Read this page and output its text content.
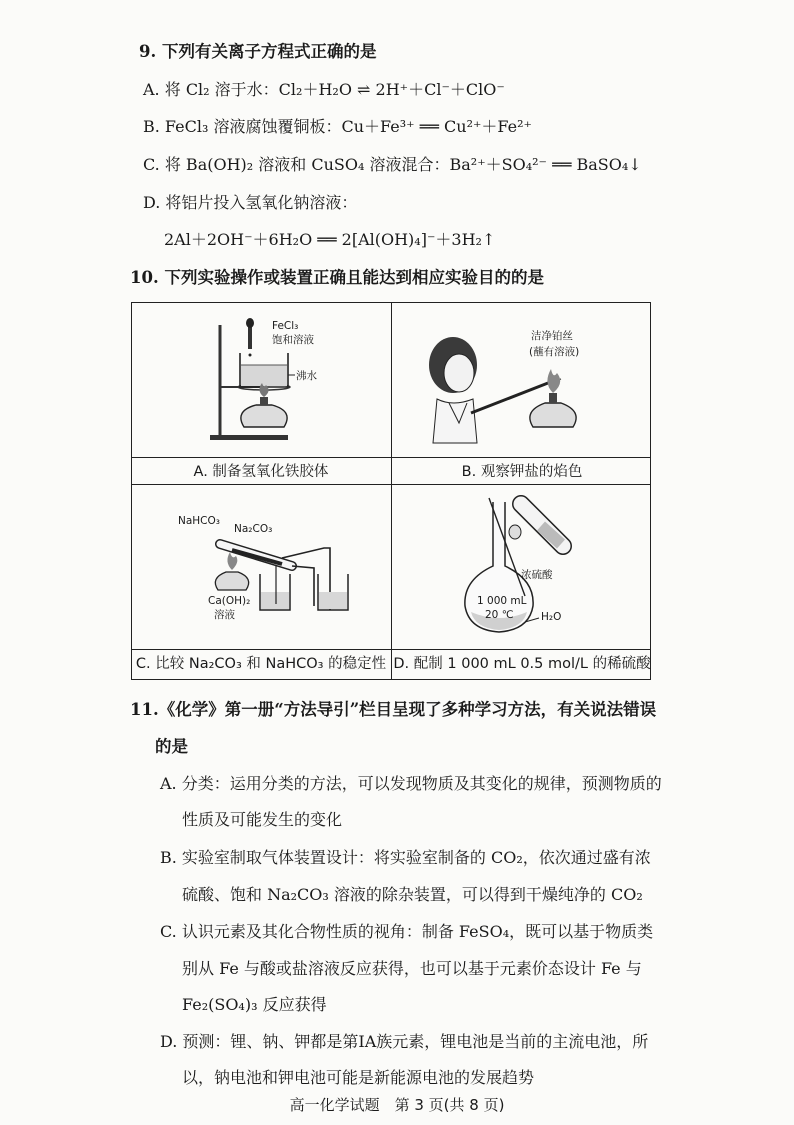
9. 下列有关离子方程式正确的是
A. 将 Cl₂ 溶于水：Cl₂＋H₂O ⇌ 2H⁺＋Cl⁻＋ClO⁻
B. FeCl₃ 溶液腐蚀覆铜板：Cu＋Fe³⁺ ══ Cu²⁺＋Fe²⁺
C. 将 Ba(OH)₂ 溶液和 CuSO₄ 溶液混合：Ba²⁺＋SO₄²⁻ ══ BaSO₄↓
D. 将铝片投入氢氧化钠溶液：
2Al＋2OH⁻＋6H₂O ══ 2[Al(OH)₄]⁻＋3H₂↑
10. 下列实验操作或装置正确且能达到相应实验目的的是
FeCl₃
饱和溶液
沸水
洁净铂丝
(蘸有溶液)
A. 制备氢氧化铁胶体	B. 观察钾盐的焰色
NaHCO₃
Na₂CO₃
Ca(OH)₂
溶液
浓硫酸
1 000 mL
20 ℃	H₂O
C. 比较 Na₂CO₃ 和 NaHCO₃ 的稳定性 D. 配制 1 000 mL 0.5 mol/L 的稀硫酸
11.《化学》第一册“方法导引”栏目呈现了多种学习方法，有关说法错误
的是
A. 分类：运用分类的方法，可以发现物质及其变化的规律，预测物质的
性质及可能发生的变化
B. 实验室制取气体装置设计：将实验室制备的 CO₂，依次通过盛有浓
硫酸、饱和 Na₂CO₃ 溶液的除杂装置，可以得到干燥纯净的 CO₂
C. 认识元素及其化合物性质的视角：制备 FeSO₄，既可以基于物质类
别从 Fe 与酸或盐溶液反应获得，也可以基于元素价态设计 Fe 与
Fe₂(SO₄)₃ 反应获得
D. 预测：锂、钠、钾都是第ⅠA族元素，锂电池是当前的主流电池，所
以，钠电池和钾电池可能是新能源电池的发展趋势
高一化学试题　第 3 页(共 8 页)
